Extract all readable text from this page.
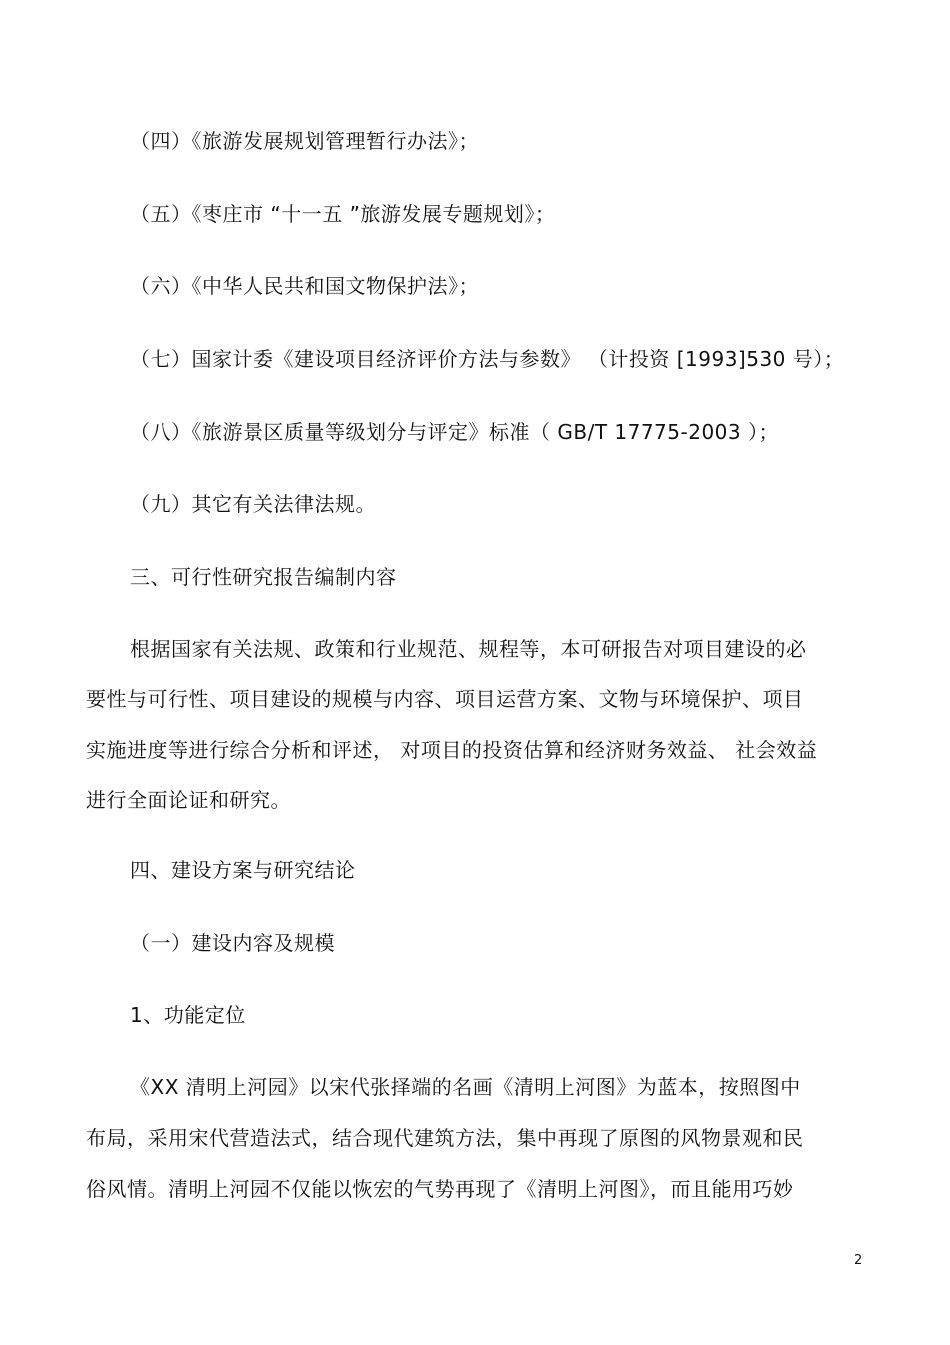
（四）《旅游发展规划管理暂行办法》；
（五）《枣庄市 “十一五 ”旅游发展专题规划》；
（六）《中华人民共和国文物保护法》；
（七）国家计委《建设项目经济评价方法与参数》 （计投资 [1993]530 号）；
（八）《旅游景区质量等级划分与评定》标准（ GB/T 17775-2003 ）；
（九）其它有关法律法规。
三、可行性研究报告编制内容
根据国家有关法规、政策和行业规范、规程等，本可研报告对项目建设的必
要性与可行性、项目建设的规模与内容、项目运营方案、文物与环境保护、项目
实施进度等进行综合分析和评述， 对项目的投资估算和经济财务效益、 社会效益
进行全面论证和研究。
四、建设方案与研究结论
（一）建设内容及规模
1、功能定位
《XX 清明上河园》以宋代张择端的名画《清明上河图》为蓝本，按照图中
布局，采用宋代营造法式，结合现代建筑方法，集中再现了原图的风物景观和民
俗风情。清明上河园不仅能以恢宏的气势再现了《清明上河图》，而且能用巧妙
2
